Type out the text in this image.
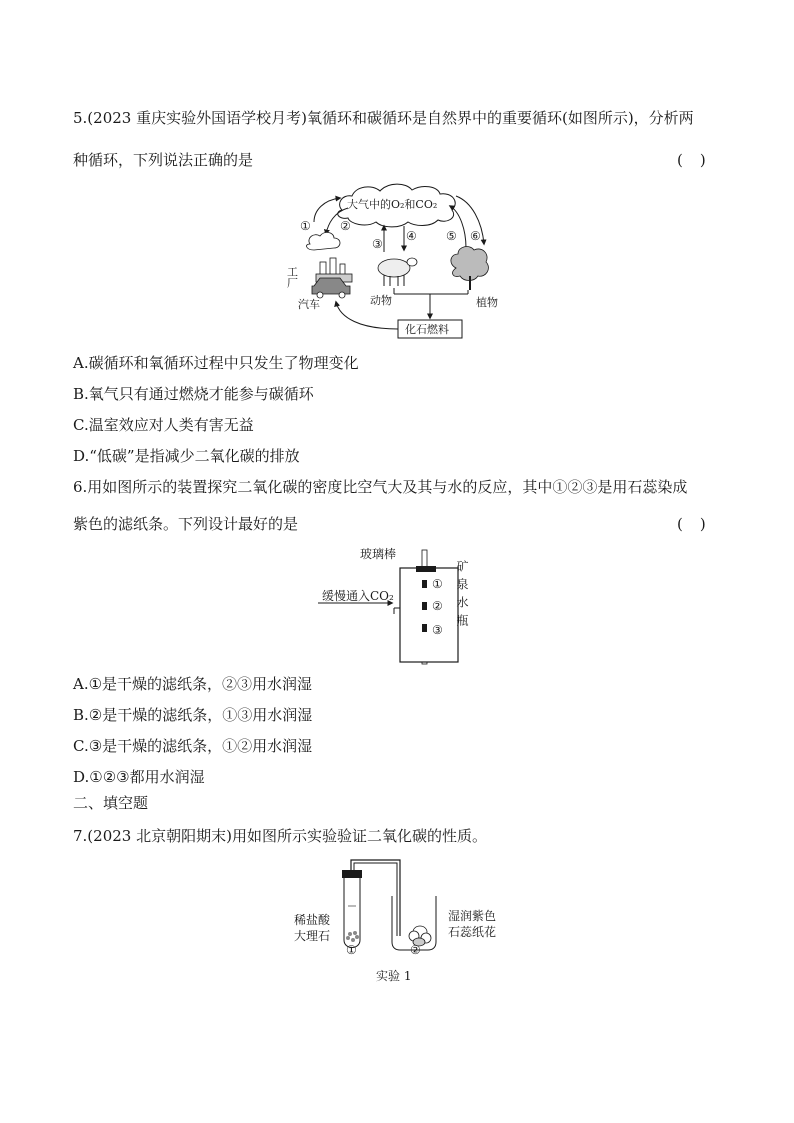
5.(2023 重庆实验外国语学校月考)氧循环和碳循环是自然界中的重要循环(如图所示)，分析两
种循环，下列说法正确的是	(　)
大气中的O₂和CO₂
① ②
工厂
汽车
③
④
动物
⑤ ⑥
植物
化石燃料
A.碳循环和氧循环过程中只发生了物理变化
B.氧气只有通过燃烧才能参与碳循环
C.温室效应对人类有害无益
D.“低碳”是指减少二氧化碳的排放
6.用如图所示的装置探究二氧化碳的密度比空气大及其与水的反应，其中①②③是用石蕊染成
紫色的滤纸条。下列设计最好的是	(　)
玻璃棒
缓慢通入CO₂
①
②
③ 矿泉水瓶
A.①是干燥的滤纸条，②③用水润湿
B.②是干燥的滤纸条，①③用水润湿
C.③是干燥的滤纸条，①②用水润湿
D.①②③都用水润湿
二、填空题
7.(2023 北京朝阳期末)用如图所示实验验证二氧化碳的性质。
稀盐酸
大理石
①	②
湿润紫色
石蕊纸花
实验 1
